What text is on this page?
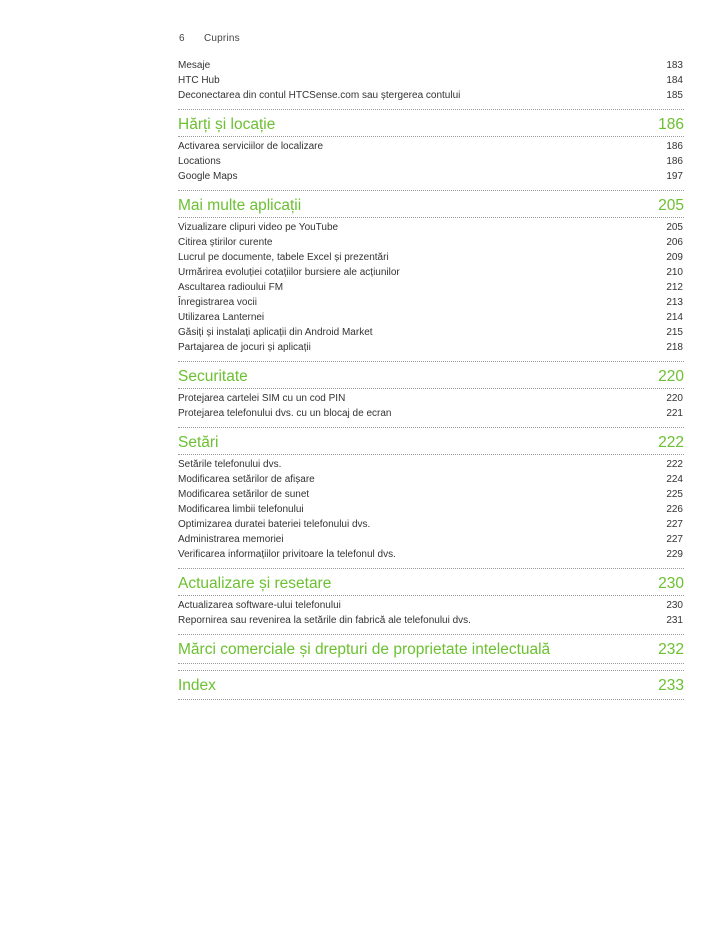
6 Cuprins
Mesaje	183
HTC Hub	184
Deconectarea din contul HTCSense.com sau ștergerea contului	185
Hărți și locație	186
Activarea serviciilor de localizare	186
Locations	186
Google Maps	197
Mai multe aplicații	205
Vizualizare clipuri video pe YouTube	205
Citirea știrilor curente	206
Lucrul pe documente, tabele Excel și prezentări	209
Urmărirea evoluției cotațiilor bursiere ale acțiunilor	210
Ascultarea radioului FM	212
Înregistrarea vocii	213
Utilizarea Lanternei	214
Găsiți și instalați aplicații din Android Market	215
Partajarea de jocuri și aplicații	218
Securitate	220
Protejarea cartelei SIM cu un cod PIN	220
Protejarea telefonului dvs. cu un blocaj de ecran	221
Setări	222
Setările telefonului dvs.	222
Modificarea setărilor de afișare	224
Modificarea setărilor de sunet	225
Modificarea limbii telefonului	226
Optimizarea duratei bateriei telefonului dvs.	227
Administrarea memoriei	227
Verificarea informațiilor privitoare la telefonul dvs.	229
Actualizare și resetare	230
Actualizarea software-ului telefonului	230
Repornirea sau revenirea la setările din fabrică ale telefonului dvs.	231
Mărci comerciale și drepturi de proprietate intelectuală	232
Index	233
